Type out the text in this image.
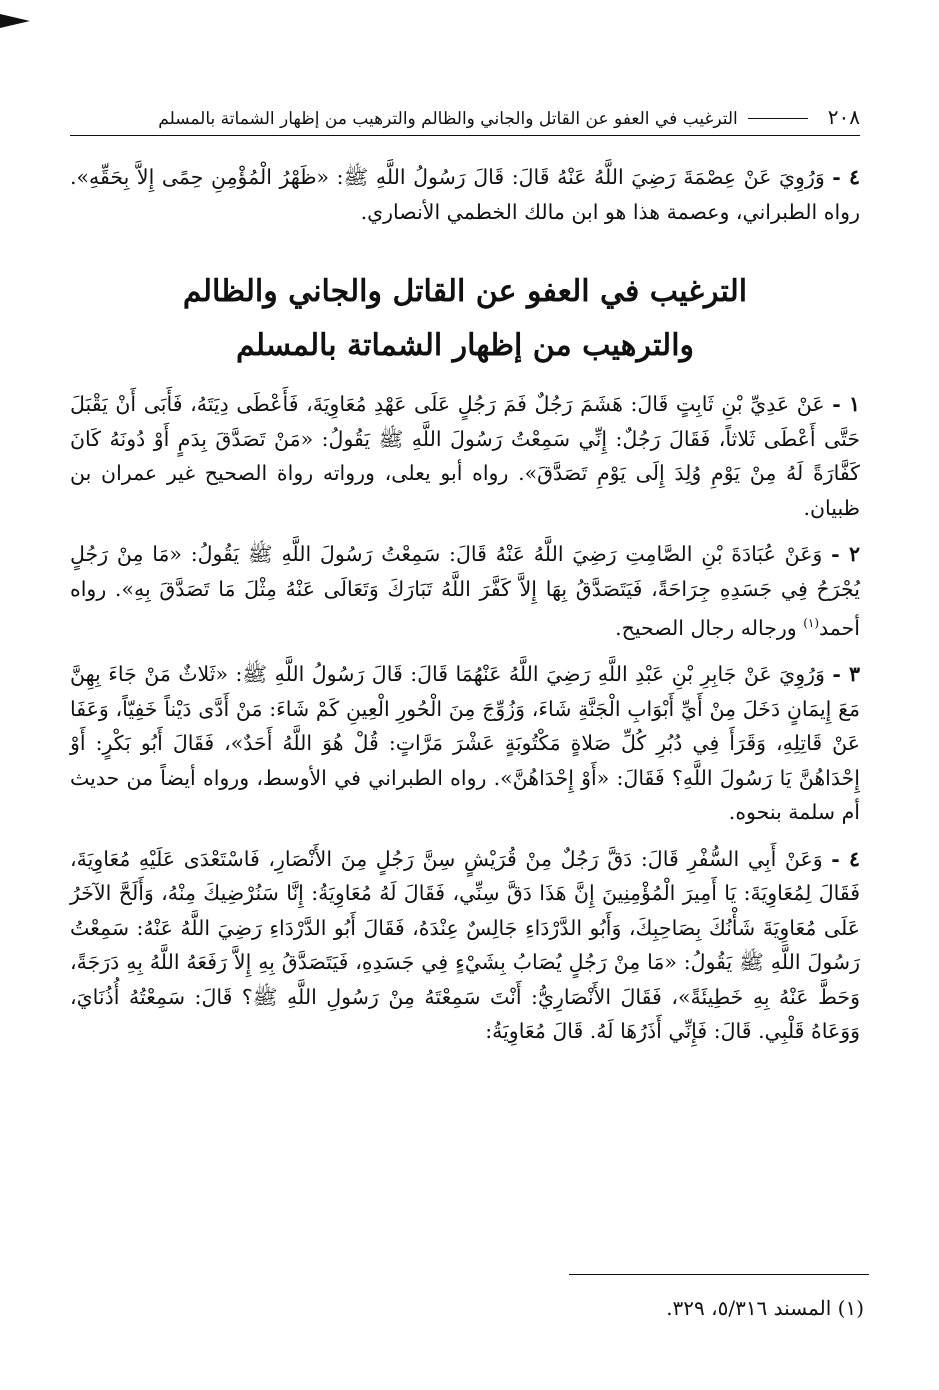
٢٠٨
الترغيب في العفو عن القاتل والجاني والظالم والترهيب من إظهار الشماتة بالمسلم

٤ - وَرُوِيَ عَنْ عِصْمَةَ رَضِيَ اللَّهُ عَنْهُ قَالَ: قَالَ رَسُولُ اللَّهِ ﷺ: «ظَهْرُ الْمُؤْمِنِ حِمًى إِلاَّ بِحَقِّهِ». رواه الطبراني، وعصمة هذا هو ابن مالك الخطمي الأنصاري.

الترغيب في العفو عن القاتل والجاني والظالم
والترهيب من إظهار الشماتة بالمسلم

١ - عَنْ عَدِيِّ بْنِ ثَابِتٍ قَالَ: هَشَمَ رَجُلٌ فَمَ رَجُلٍ عَلَى عَهْدِ مُعَاوِيَةَ، فَأَعْطَى دِيَتَهُ، فَأَبَى أَنْ يَقْبَلَ حَتَّى أَعْطَى ثَلاثاً، فَقَالَ رَجُلٌ: إِنِّي سَمِعْتُ رَسُولَ اللَّهِ ﷺ يَقُولُ: «مَنْ تَصَدَّقَ بِدَمٍ أَوْ دُونَهُ كَانَ كَفَّارَةً لَهُ مِنْ يَوْمِ وُلِدَ إِلَى يَوْمِ تَصَدَّقَ». رواه أبو يعلى، ورواته رواة الصحيح غير عمران بن ظبيان.

٢ - وَعَنْ عُبَادَةَ بْنِ الصَّامِتِ رَضِيَ اللَّهُ عَنْهُ قَالَ: سَمِعْتُ رَسُولَ اللَّهِ ﷺ يَقُولُ: «مَا مِنْ رَجُلٍ يُجْرَحُ فِي جَسَدِهِ جِرَاحَةً، فَيَتَصَدَّقُ بِهَا إِلاَّ كَفَّرَ اللَّهُ تَبَارَكَ وَتَعَالَى عَنْهُ مِثْلَ مَا تَصَدَّقَ بِهِ». رواه أحمد$^{(١)}$ ورجاله رجال الصحيح.

٣ - وَرُوِيَ عَنْ جَابِرِ بْنِ عَبْدِ اللَّهِ رَضِيَ اللَّهُ عَنْهُمَا قَالَ: قَالَ رَسُولُ اللَّهِ ﷺ: «ثَلاثٌ مَنْ جَاءَ بِهِنَّ مَعَ إِيمَانٍ دَخَلَ مِنْ أَيِّ أَبْوَابِ الْجَنَّةِ شَاءَ، وَزُوِّجَ مِنَ الْحُورِ الْعِينِ كَمْ شَاءَ: مَنْ أَدَّى دَيْناً خَفِيّاً، وَعَفَا عَنْ قَاتِلِهِ، وَقَرَأَ فِي دُبُرِ كُلِّ صَلاةٍ مَكْتُوبَةٍ عَشْرَ مَرَّاتٍ: قُلْ هُوَ اللَّهُ أَحَدٌ»، فَقَالَ أَبُو بَكْرٍ: أَوْ إِحْدَاهُنَّ يَا رَسُولَ اللَّهِ؟ فَقَالَ: «أَوْ إِحْدَاهُنَّ». رواه الطبراني في الأوسط، ورواه أيضاً من حديث أم سلمة بنحوه.

٤ - وَعَنْ أَبِي السُّفْرِ قَالَ: دَقَّ رَجُلٌ مِنْ قُرَيْشٍ سِنَّ رَجُلٍ مِنَ الأَنْصَارِ، فَاسْتَعْدَى عَلَيْهِ مُعَاوِيَةَ، فَقَالَ لِمُعَاوِيَةَ: يَا أَمِيرَ الْمُؤْمِنِينَ إِنَّ هَذَا دَقَّ سِنِّي، فَقَالَ لَهُ مُعَاوِيَةُ: إِنَّا سَنُرْضِيكَ مِنْهُ، وَأَلَحَّ الآخَرُ عَلَى مُعَاوِيَةَ شَأْنُكَ بِصَاحِبِكَ، وَأَبُو الدَّرْدَاءِ جَالِسٌ عِنْدَهُ، فَقَالَ أَبُو الدَّرْدَاءِ رَضِيَ اللَّهُ عَنْهُ: سَمِعْتُ رَسُولَ اللَّهِ ﷺ يَقُولُ: «مَا مِنْ رَجُلٍ يُصَابُ بِشَيْءٍ فِي جَسَدِهِ، فَيَتَصَدَّقُ بِهِ إِلاَّ رَفَعَهُ اللَّهُ بِهِ دَرَجَةً، وَحَطَّ عَنْهُ بِهِ خَطِيئَةً»، فَقَالَ الأَنْصَارِيُّ: أَنْتَ سَمِعْتَهُ مِنْ رَسُولِ اللَّهِ ﷺ؟ قَالَ: سَمِعْتُهُ أُذُنَايَ، وَوَعَاهُ قَلْبِي. قَالَ: فَإِنِّي أَذَرُهَا لَهُ. قَالَ مُعَاوِيَةُ:

(١) المسند ٥/٣١٦، ٣٢٩.
